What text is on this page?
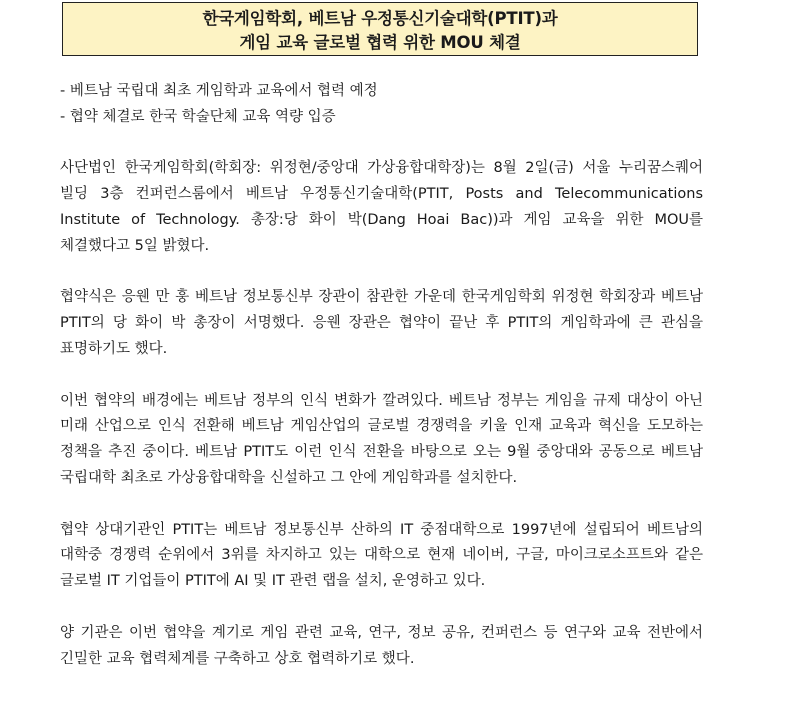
한국게임학회, 베트남 우정통신기술대학(PTIT)과
게임 교육 글로벌 협력 위한 MOU 체결

- 베트남 국립대 최초 게임학과 교육에서 협력 예정

- 협약 체결로 한국 학술단체 교육 역량 입증

사단법인 한국게임학회(학회장: 위정현/중앙대 가상융합대학장)는 8월 2일(금) 서울 누리꿈스퀘어 빌딩 3층 컨퍼런스룸에서 베트남 우정통신기술대학(PTIT, Posts and Telecommunications Institute of Technology. 총장:당 화이 박(Dang Hoai Bac))과 게임 교육을 위한 MOU를 체결했다고 5일 밝혔다.

협약식은 응웬 만 훙 베트남 정보통신부 장관이 참관한 가운데 한국게임학회 위정현 학회장과 베트남 PTIT의 당 화이 박 총장이 서명했다. 응웬 장관은 협약이 끝난 후 PTIT의 게임학과에 큰 관심을 표명하기도 했다.

이번 협약의 배경에는 베트남 정부의 인식 변화가 깔려있다. 베트남 정부는 게임을 규제 대상이 아닌 미래 산업으로 인식 전환해 베트남 게임산업의 글로벌 경쟁력을 키울 인재 교육과 혁신을 도모하는 정책을 추진 중이다. 베트남 PTIT도 이런 인식 전환을 바탕으로 오는 9월 중앙대와 공동으로 베트남 국립대학 최초로 가상융합대학을 신설하고 그 안에 게임학과를 설치한다.

협약 상대기관인 PTIT는 베트남 정보통신부 산하의 IT 중점대학으로 1997년에 설립되어 베트남의 대학중 경쟁력 순위에서 3위를 차지하고 있는 대학으로 현재 네이버, 구글, 마이크로소프트와 같은 글로벌 IT 기업들이 PTIT에 AI 및 IT 관련 랩을 설치, 운영하고 있다.

양 기관은 이번 협약을 계기로 게임 관련 교육, 연구, 정보 공유, 컨퍼런스 등 연구와 교육 전반에서 긴밀한 교육 협력체계를 구축하고 상호 협력하기로 했다.
